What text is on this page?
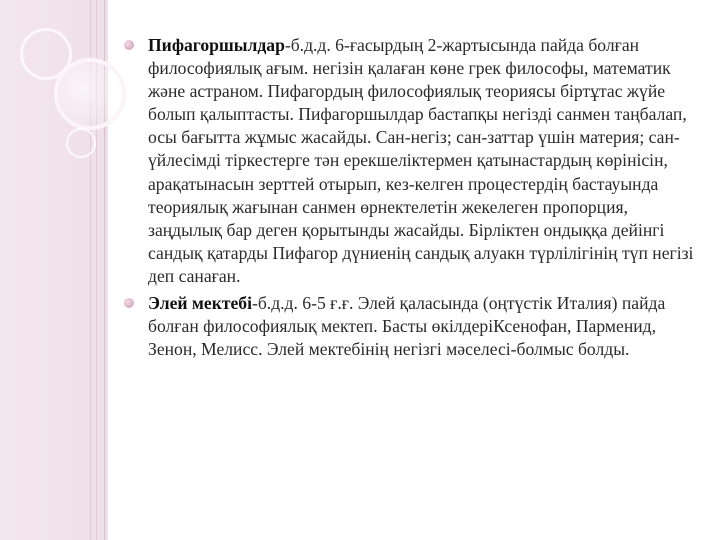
Пифагоршылдар-б.д.д. 6-ғасырдың 2-жартысында пайда болған философиялық ағым. негізін қалаған көне грек философы, математик және астраном. Пифагордың философиялық теориясы біртұтас жүйе болып қалыптасты. Пифагоршылдар бастапқы негізді санмен таңбалап, осы бағытта жұмыс жасайды. Сан-негіз; сан-заттар үшін материя; сан-үйлесімді тіркестерге тән ерекшеліктермен қатынастардың көрінісін, арақатынасын зерттей отырып, кез-келген процестердің бастауында теориялық жағынан санмен өрнектелетін жекелеген пропорция, заңдылық бар деген қорытынды жасайды. Бірліктен ондыққа дейінгі сандық қатарды Пифагор дүниенің сандық алуакн түрлілігінің түп негізі деп санаған.
Элей мектебі-б.д.д. 6-5 ғ.ғ. Элей қаласында (оңтүстік Италия) пайда болған философиялық мектеп. Басты өкілдеріКсенофан, Парменид, Зенон, Мелисс. Элей мектебінің негізгі мәселесі-болмыс болды.
